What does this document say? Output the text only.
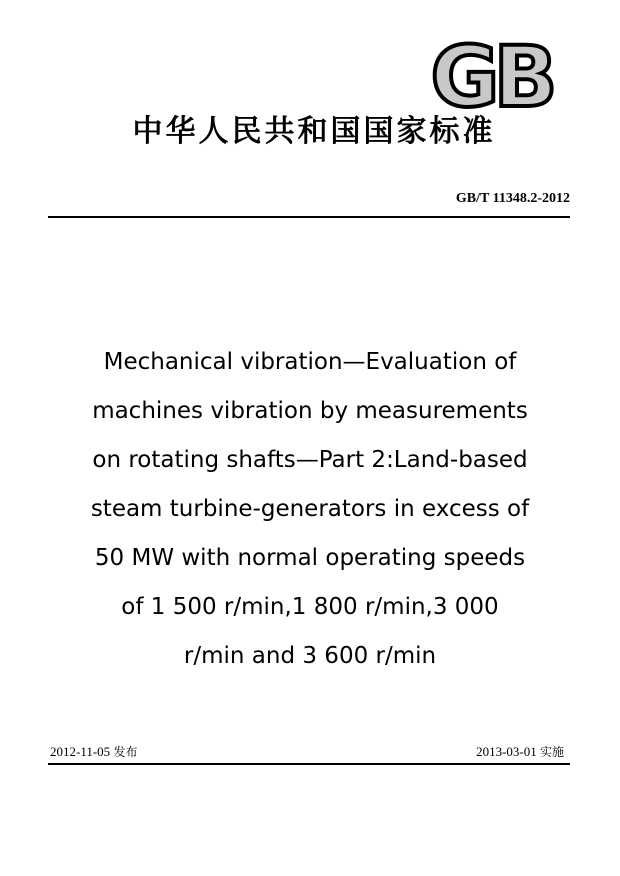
GB
中华人民共和国国家标准
GB/T 11348.2-2012
Mechanical vibration—Evaluation of
machines vibration by measurements
on rotating shafts—Part 2:Land-based
steam turbine-generators in excess of
50 MW with normal operating speeds
of 1 500 r/min,1 800 r/min,3 000
r/min and 3 600 r/min
2012-11-05 发布	2013-03-01 实施
